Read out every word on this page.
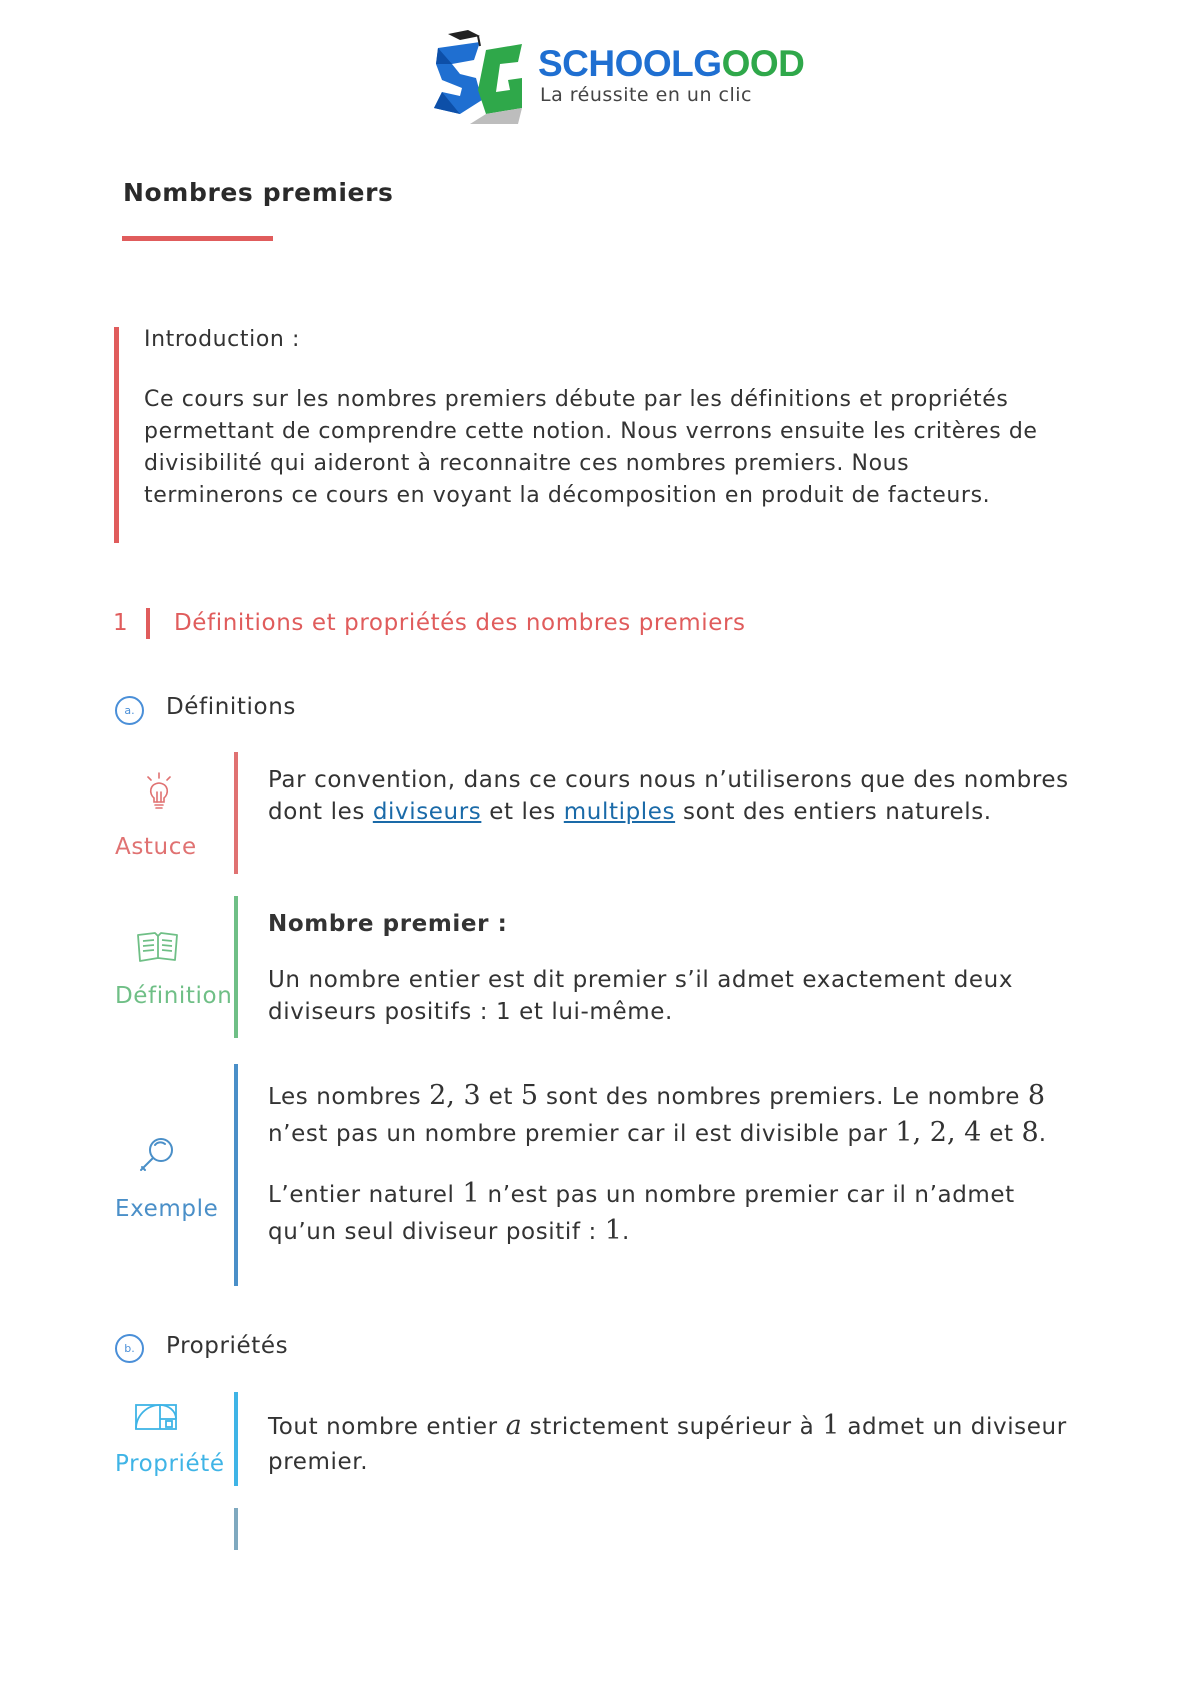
SCHOOLGOOD
La réussite en un clic
Nombres premiers
Introduction :
Ce cours sur les nombres premiers débute par les définitions et propriétés permettant de comprendre cette notion. Nous verrons ensuite les critères de divisibilité qui aideront à reconnaitre ces nombres premiers. Nous terminerons ce cours en voyant la décomposition en produit de facteurs.
1 Définitions et propriétés des nombres premiers
a.	Définitions
Astuce

Par convention, dans ce cours nous n’utiliserons que des nombres dont les diviseurs et les multiples sont des entiers naturels.

Définition

Nombre premier :

Un nombre entier est dit premier s’il admet exactement deux diviseurs positifs : 1 et lui-même.

Exemple

Les nombres 2, 3 et 5 sont des nombres premiers. Le nombre 8 n’est pas un nombre premier car il est divisible par 1, 2, 4 et 8.

L’entier naturel 1 n’est pas un nombre premier car il n’admet qu’un seul diviseur positif : 1.

b.	Propriétés
Propriété

Tout nombre entier a strictement supérieur à 1 admet un diviseur premier.
